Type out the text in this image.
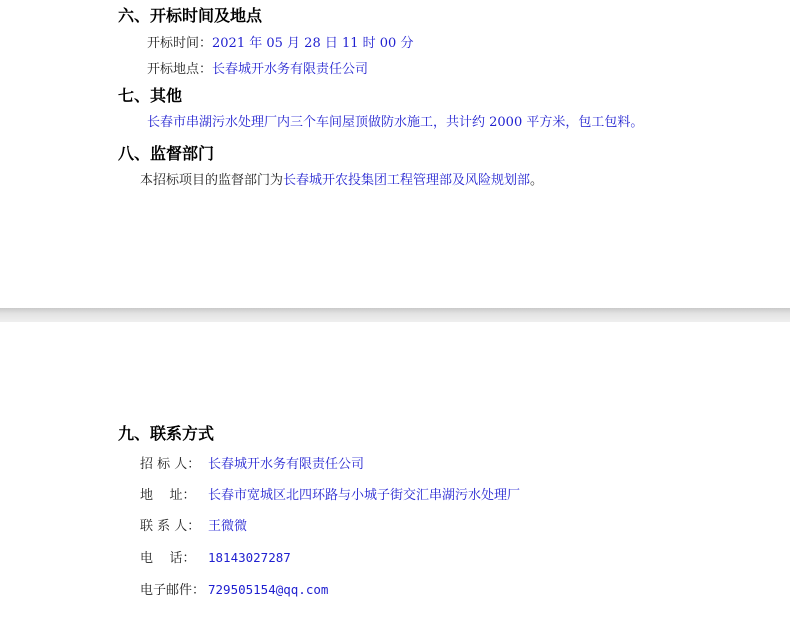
六、开标时间及地点

开标时间：2021 年 05 月 28 日 11 时 00 分

开标地点：长春城开水务有限责任公司

七、其他

长春市串湖污水处理厂内三个车间屋顶做防水施工，共计约 2000 平方米，包工包料。

八、监督部门

本招标项目的监督部门为长春城开农投集团工程管理部及风险规划部。

九、联系方式
招 标 人： 长春城开水务有限责任公司
地    址： 长春市宽城区北四环路与小城子街交汇串湖污水处理厂
联 系 人： 王微微
电    话： 18143027287
电子邮件： 729505154@qq.com
